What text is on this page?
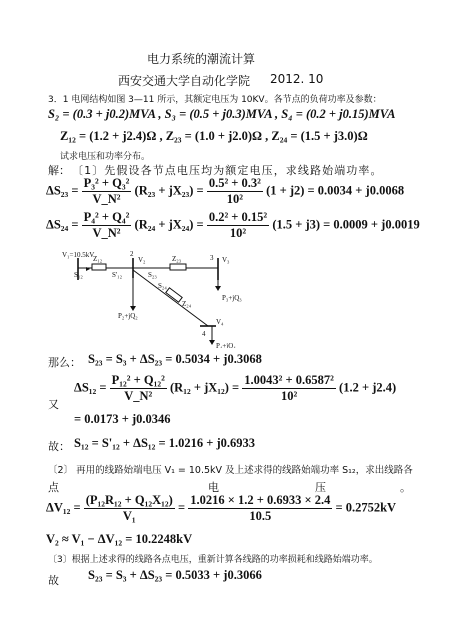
电力系统的潮流计算
西安交通大学自动化学院 2012. 10
3．1 电网结构如图 3—11 所示，其额定电压为 10KV。各节点的负荷功率及参数：
S₂ = (0.3 + j0.2)MVA , S₃ = (0.5 + j0.3)MVA , S₄ = (0.2 + j0.15)MVA
Z₁₂ = (1.2 + j2.4)Ω , Z₂₃ = (1.0 + j2.0)Ω , Z₂₄ = (1.5 + j3.0)Ω
试求电压和功率分布。
解： 〔1〕先假设各节点电压均为额定电压，求线路始端功率。
$\Delta S_{23} = \frac{\text{P₃² + Q₃²}}{\text{V\_N²}} (R_{23} + jX_{23}) = \frac{\text{0.5² + 0.3²}}{\text{10²}} (1 + j2) = 0.0034 + j0.0068$
$\Delta S_{24} = \frac{\text{P₄² + Q₄²}}{\text{V\_N²}} (R_{24} + jX_{24}) = \frac{\text{0.2² + 0.15²}}{\text{10²}} (1.5 + j3) = 0.0009 + j0.0019$
V₁=10.5kV
S₁₂
Z₁₂
S'₁₂
2
V₂
S₂₃
Z₂₃	3 V₃
S₂₄
Z₂₄
P₃+jQ₃
P₂+jQ₂
4
V₄
P₄+jQ₄
那么： S₂₃ = S₃ + ΔS₂₃ = 0.5034 + j0.3068
$\Delta S_{12} = \frac{\text{P₁₂² + Q₁₂²}}{\text{V\_N²}} (R_{12} + jX_{12}) = \frac{\text{1.0043² + 0.6587²}}{\text{10²}} (1.2 + j2.4)$
又
= 0.0173 + j0.0346
故： S₁₂ = S'₁₂ + ΔS₁₂ = 1.0216 + j0.6933
〔2〕 再用的线路始端电压 V₁ = 10.5kV 及上述求得的线路始端功率 S₁₂，求出线路各
点	电	压	。
$\Delta V_{12} = \frac{\text{(P₁₂R₁₂ + Q₁₂X₁₂)}}{\text{V₁}} = \frac{1.0216 \times 1.2 + 0.6933 \times 2.4}{10.5} = 0.2752kV$
V₂ ≈ V₁ − ΔV₁₂ = 10.2248kV
〔3〕根据上述求得的线路各点电压，重新计算各线路的功率损耗和线路始端功率。
故 S₂₃ = S₃ + ΔS₂₃ = 0.5033 + j0.3066
